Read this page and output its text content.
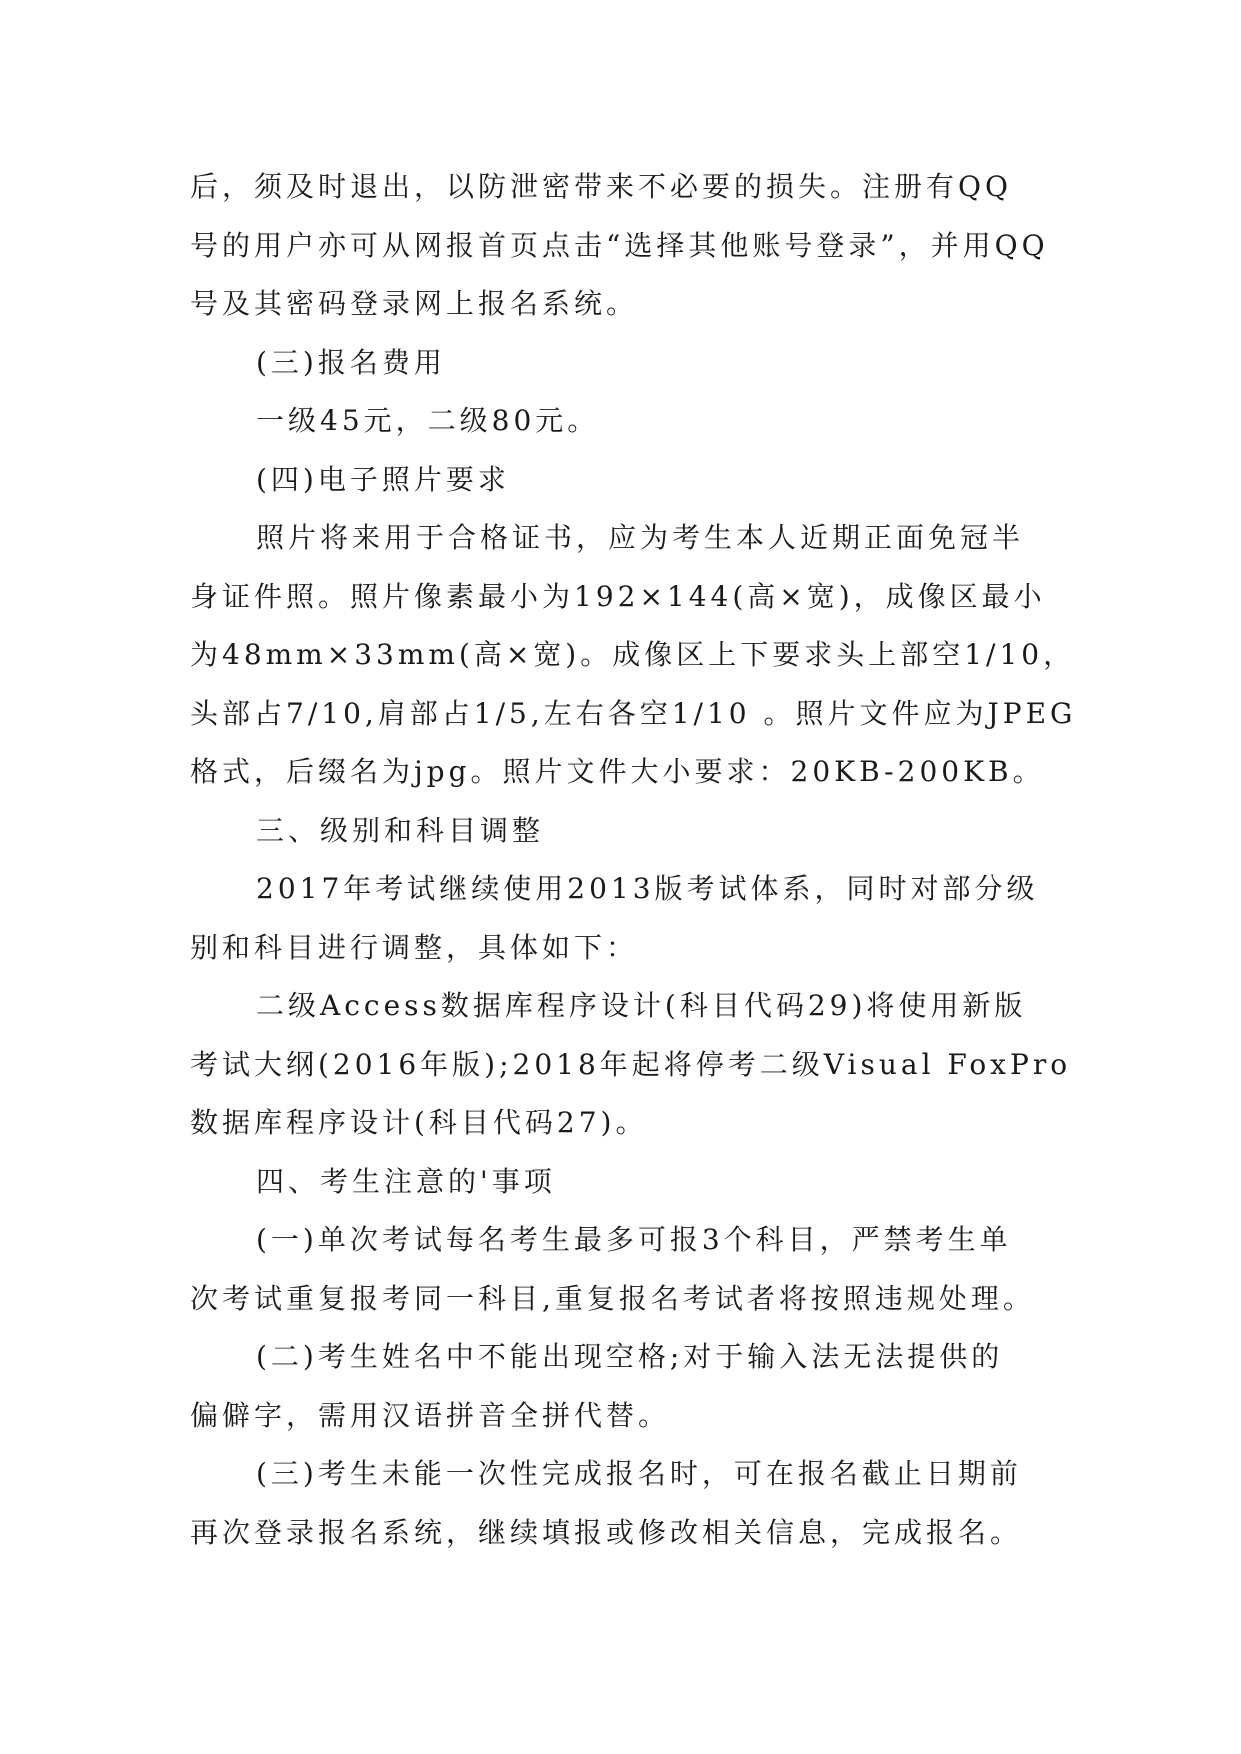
后，须及时退出，以防泄密带来不必要的损失。注册有QQ
号的用户亦可从网报首页点击“选择其他账号登录”，并用QQ
号及其密码登录网上报名系统。
(三)报名费用
一级45元，二级80元。
(四)电子照片要求
照片将来用于合格证书，应为考生本人近期正面免冠半
身证件照。照片像素最小为192×144(高×宽)，成像区最小
为48mm×33mm(高×宽)。成像区上下要求头上部空1/10，
头部占7/10,肩部占1/5,左右各空1/10 。照片文件应为JPEG
格式，后缀名为jpg。照片文件大小要求：20KB-200KB。
三、级别和科目调整
2017年考试继续使用2013版考试体系，同时对部分级
别和科目进行调整，具体如下：
二级Access数据库程序设计(科目代码29)将使用新版
考试大纲(2016年版);2018年起将停考二级Visual FoxPro
数据库程序设计(科目代码27)。
四、考生注意的'事项
(一)单次考试每名考生最多可报3个科目，严禁考生单
次考试重复报考同一科目,重复报名考试者将按照违规处理。
(二)考生姓名中不能出现空格;对于输入法无法提供的
偏僻字，需用汉语拼音全拼代替。
(三)考生未能一次性完成报名时，可在报名截止日期前
再次登录报名系统，继续填报或修改相关信息，完成报名。
